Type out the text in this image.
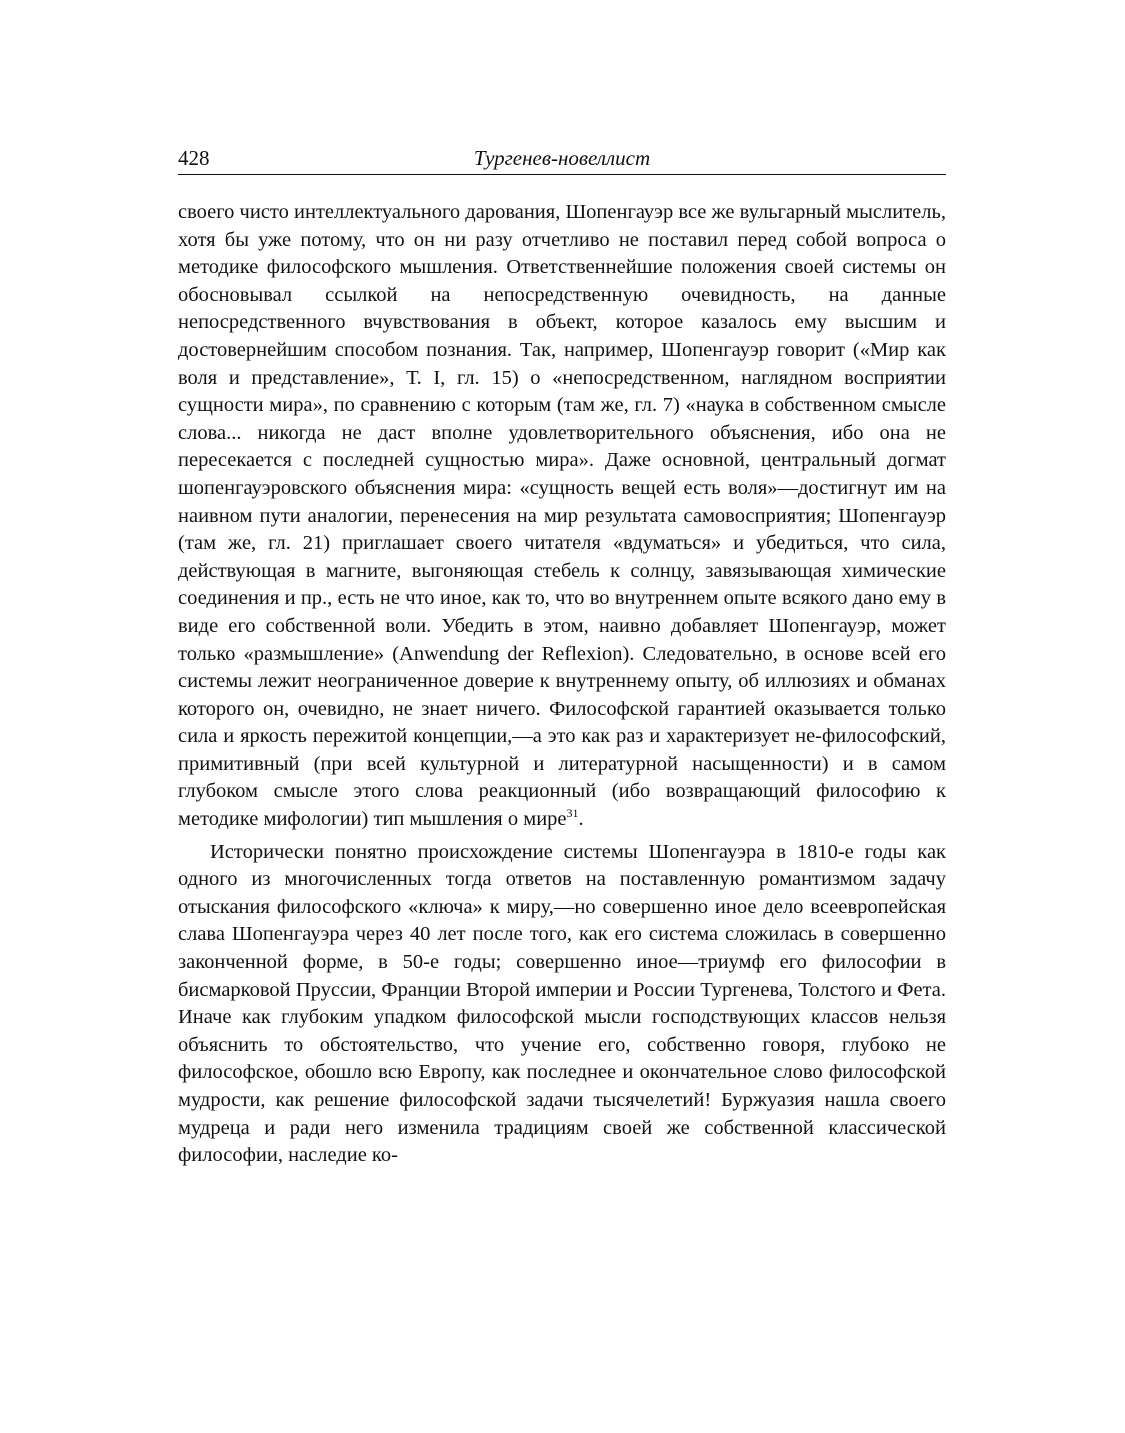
428	Тургенев-новеллист

своего чисто интеллектуального дарования, Шопенгауэр все же вульгарный мыслитель, хотя бы уже потому, что он ни разу отчетливо не поставил перед собой вопроса о методике философского мышления. Ответственнейшие положения своей системы он обосновывал ссылкой на непосредственную очевидность, на данные непосредственного вчувствования в объект, которое казалось ему высшим и достовернейшим способом познания. Так, например, Шопенгауэр говорит («Мир как воля и представление», Т. I, гл. 15) о «непосредственном, наглядном восприятии сущности мира», по сравнению с которым (там же, гл. 7) «наука в собственном смысле слова... никогда не даст вполне удовлетворительного объяснения, ибо она не пересекается с последней сущностью мира». Даже основной, центральный догмат шопенгауэровского объяснения мира: «сущность вещей есть воля»—достигнут им на наивном пути аналогии, перенесения на мир результата самовосприятия; Шопенгауэр (там же, гл. 21) приглашает своего читателя «вдуматься» и убедиться, что сила, действующая в магните, выгоняющая стебель к солнцу, завязывающая химические соединения и пр., есть не что иное, как то, что во внутреннем опыте всякого дано ему в виде его собственной воли. Убедить в этом, наивно добавляет Шопенгауэр, может только «размышление» (Anwendung der Reflexion). Следовательно, в основе всей его системы лежит неограниченное доверие к внутреннему опыту, об иллюзиях и обманах которого он, очевидно, не знает ничего. Философской гарантией оказывается только сила и яркость пережитой концепции,—а это как раз и характеризует не-философский, примитивный (при всей культурной и литературной насыщенности) и в самом глубоком смысле этого слова реакционный (ибо возвращающий философию к методике мифологии) тип мышления о мире$^{31}$.

Исторически понятно происхождение системы Шопенгауэра в 1810-е годы как одного из многочисленных тогда ответов на поставленную романтизмом задачу отыскания философского «ключа» к миру,—но совершенно иное дело всеевропейская слава Шопенгауэра через 40 лет после того, как его система сложилась в совершенно законченной форме, в 50-е годы; совершенно иное—триумф его философии в бисмарковой Пруссии, Франции Второй империи и России Тургенева, Толстого и Фета. Иначе как глубоким упадком философской мысли господствующих классов нельзя объяснить то обстоятельство, что учение его, собственно говоря, глубоко не философское, обошло всю Европу, как последнее и окончательное слово философской мудрости, как решение философской задачи тысячелетий! Буржуазия нашла своего мудреца и ради него изменила традициям своей же собственной классической философии, наследие ко-
